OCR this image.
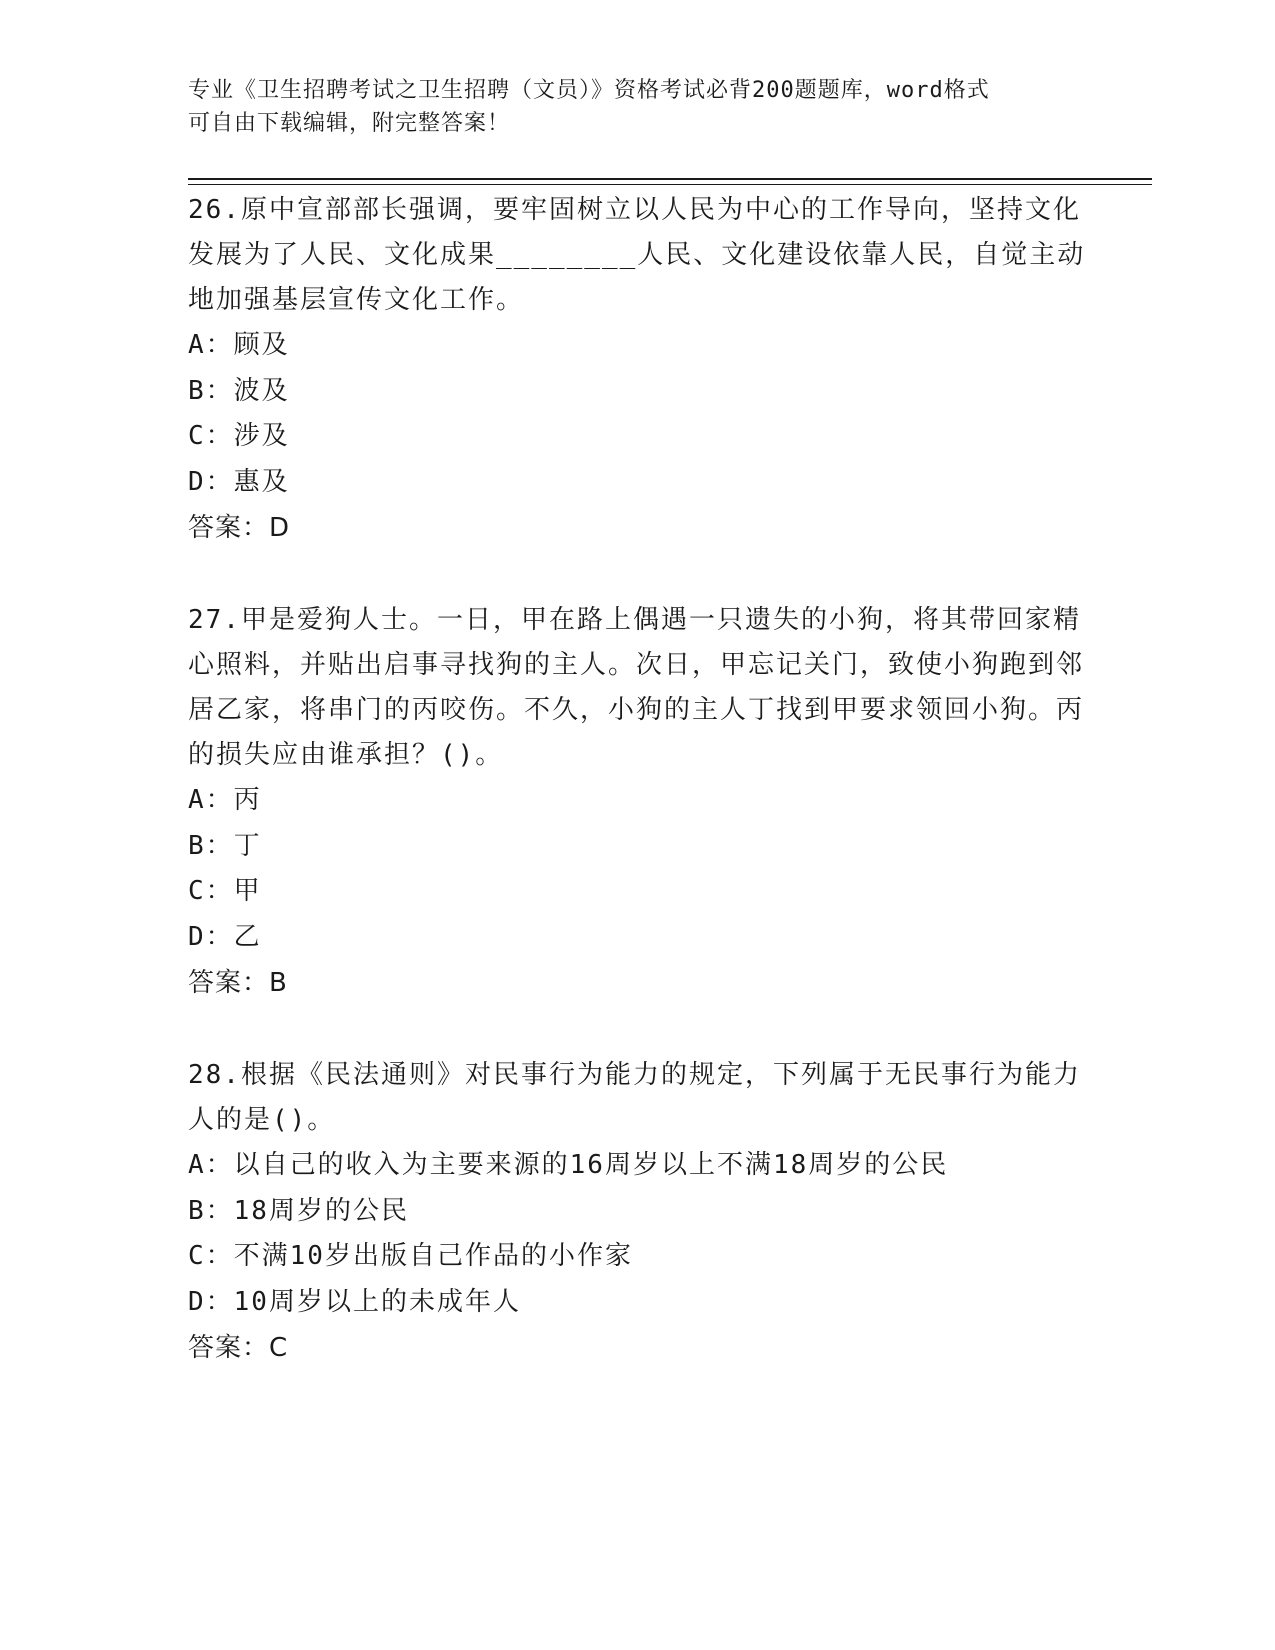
专业《卫生招聘考试之卫生招聘（文员）》资格考试必背200题题库，word格式
可自由下载编辑，附完整答案！
26.原中宣部部长强调，要牢固树立以人民为中心的工作导向，坚持文化发展为了人民、文化成果________人民、文化建设依靠人民，自觉主动地加强基层宣传文化工作。
A：顾及
B：波及
C：涉及
D：惠及
答案：D
27.甲是爱狗人士。一日，甲在路上偶遇一只遗失的小狗，将其带回家精心照料，并贴出启事寻找狗的主人。次日，甲忘记关门，致使小狗跑到邻居乙家，将串门的丙咬伤。不久，小狗的主人丁找到甲要求领回小狗。丙的损失应由谁承担？()。
A：丙
B：丁
C：甲
D：乙
答案：B
28.根据《民法通则》对民事行为能力的规定，下列属于无民事行为能力人的是()。
A：以自己的收入为主要来源的16周岁以上不满18周岁的公民
B：18周岁的公民
C：不满10岁出版自己作品的小作家
D：10周岁以上的未成年人
答案：C
